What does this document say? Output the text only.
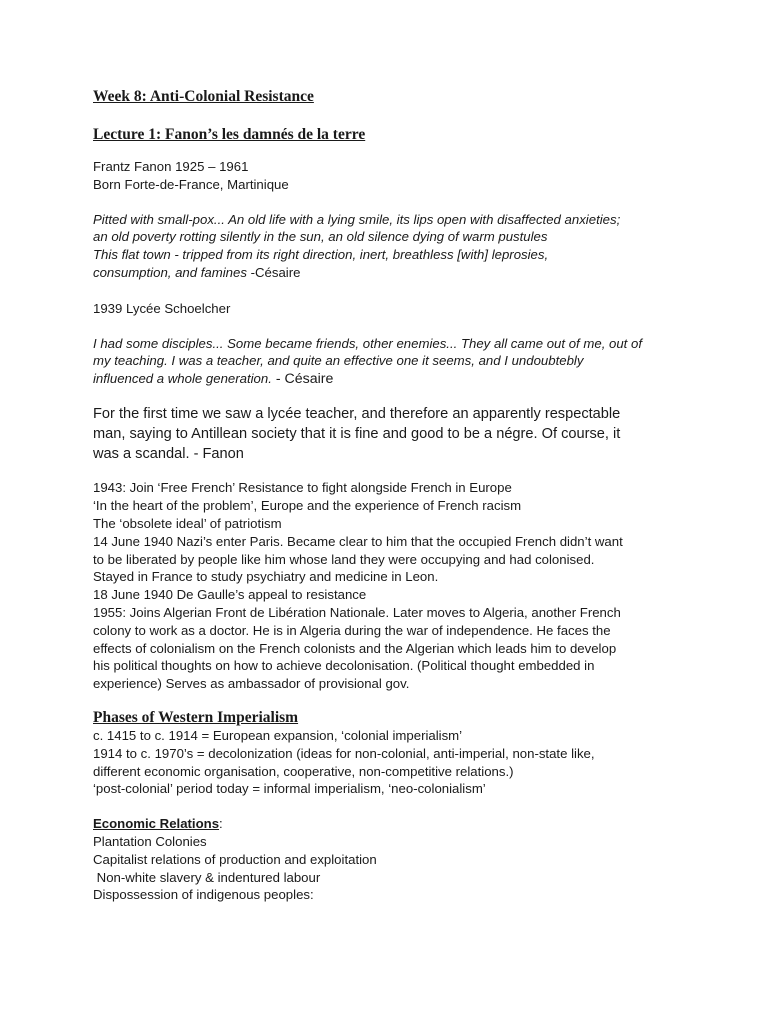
Week 8: Anti-Colonial Resistance

Lecture 1: Fanon’s les damnés de la terre

Frantz Fanon 1925 – 1961

Born Forte-de-France, Martinique

Pitted with small-pox... An old life with a lying smile, its lips open with disaffected anxieties;

an old poverty rotting silently in the sun, an old silence dying of warm pustules

This flat town - tripped from its right direction, inert, breathless [with] leprosies,

consumption, and famines -Césaire

1939 Lycée Schoelcher

I had some disciples... Some became friends, other enemies... They all came out of me, out of

my teaching. I was a teacher, and quite an effective one it seems, and I undoubtebly

influenced a whole generation. - Césaire

For the first time we saw a lycée teacher, and therefore an apparently respectable

man, saying to Antillean society that it is fine and good to be a négre. Of course, it

was a scandal. - Fanon

1943: Join ‘Free French’ Resistance to fight alongside French in Europe

‘In the heart of the problem’, Europe and the experience of French racism

The ‘obsolete ideal’ of patriotism

14 June 1940 Nazi’s enter Paris. Became clear to him that the occupied French didn’t want

to be liberated by people like him whose land they were occupying and had colonised.

Stayed in France to study psychiatry and medicine in Leon.

18 June 1940 De Gaulle’s appeal to resistance

1955: Joins Algerian Front de Libération Nationale. Later moves to Algeria, another French

colony to work as a doctor. He is in Algeria during the war of independence. He faces the

effects of colonialism on the French colonists and the Algerian which leads him to develop

his political thoughts on how to achieve decolonisation. (Political thought embedded in

experience) Serves as ambassador of provisional gov.

Phases of Western Imperialism

c. 1415 to c. 1914 = European expansion, ‘colonial imperialism’

1914 to c. 1970’s = decolonization (ideas for non-colonial, anti-imperial, non-state like,

different economic organisation, cooperative, non-competitive relations.)

‘post-colonial’ period today = informal imperialism, ‘neo-colonialism’

Economic Relations:

Plantation Colonies

Capitalist relations of production and exploitation

Non-white slavery & indentured labour

Dispossession of indigenous peoples:
